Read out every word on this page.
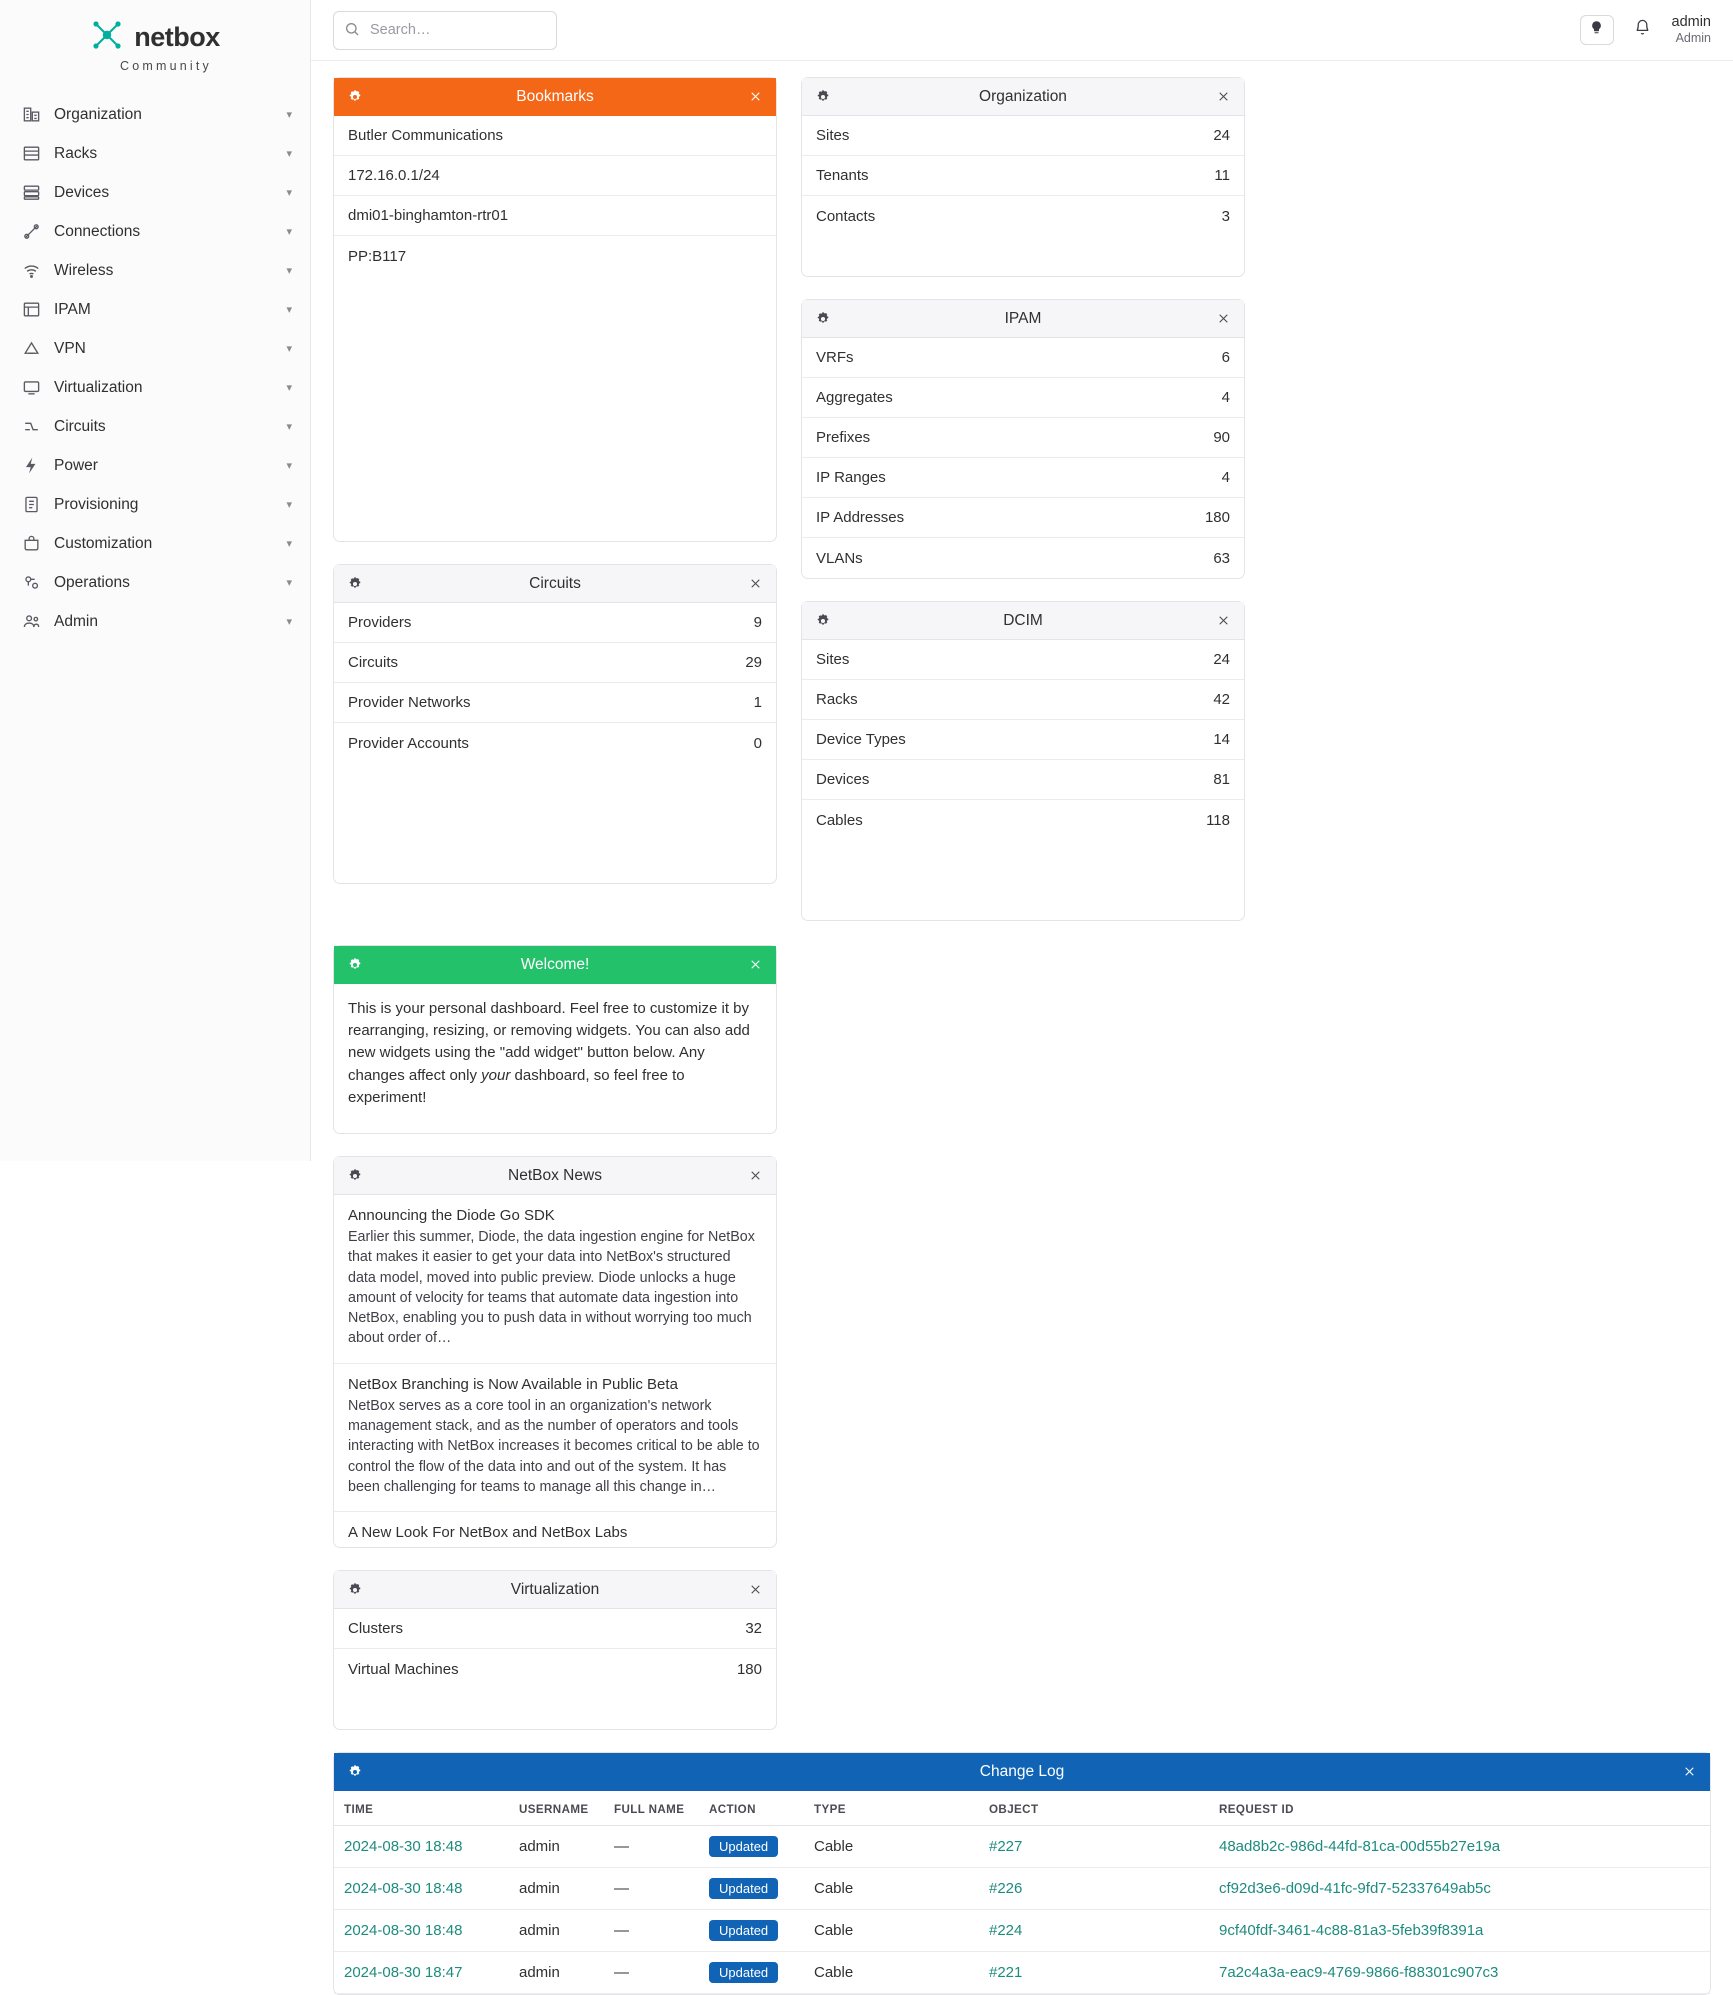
netbox
Community
Organization	▾
Racks	▾
Devices	▾
Connections	▾
Wireless	▾
IPAM	▾
VPN	▾
Virtualization	▾
Circuits	▾
Power	▾
Provisioning	▾
Customization	▾
Operations	▾
Admin	▾
Search…
admin
Admin
Bookmarks
Butler Communications
172.16.0.1/24
dmi01-binghamton-rtr01
PP:B117
Circuits
Providers	9
Circuits	29
Provider Networks	1
Provider Accounts	0
Organization
Sites	24
Tenants	11
Contacts	3
IPAM
VRFs	6
Aggregates	4
Prefixes	90
IP Ranges	4
IP Addresses	180
VLANs	63
DCIM
Sites	24
Racks	42
Device Types	14
Devices	81
Cables	118
Welcome!
This is your personal dashboard. Feel free to customize it by rearranging, resizing, or removing widgets. You can also add new widgets using the "add widget" button below. Any changes affect only your dashboard, so feel free to experiment!
NetBox News
Announcing the Diode Go SDK
Earlier this summer, Diode, the data ingestion engine for NetBox that makes it easier to get your data into NetBox's structured data model, moved into public preview. Diode unlocks a huge amount of velocity for teams that automate data ingestion into NetBox, enabling you to push data in without worrying too much about order of…
NetBox Branching is Now Available in Public Beta
NetBox serves as a core tool in an organization's network management stack, and as the number of operators and tools interacting with NetBox increases it becomes critical to be able to control the flow of the data into and out of the system. It has been challenging for teams to manage all this change in…
A New Look For NetBox and NetBox Labs
Virtualization
Clusters	32
Virtual Machines	180
Change Log
TIME	USERNAME	FULL NAME	ACTION	TYPE	OBJECT	REQUEST ID
2024-08-30 18:48	admin	—	Updated	Cable	#227	48ad8b2c-986d-44fd-81ca-00d55b27e19a
2024-08-30 18:48	admin	—	Updated	Cable	#226	cf92d3e6-d09d-41fc-9fd7-52337649ab5c
2024-08-30 18:48	admin	—	Updated	Cable	#224	9cf40fdf-3461-4c88-81a3-5feb39f8391a
2024-08-30 18:47	admin	—	Updated	Cable	#221	7a2c4a3a-eac9-4769-9866-f88301c907c3
